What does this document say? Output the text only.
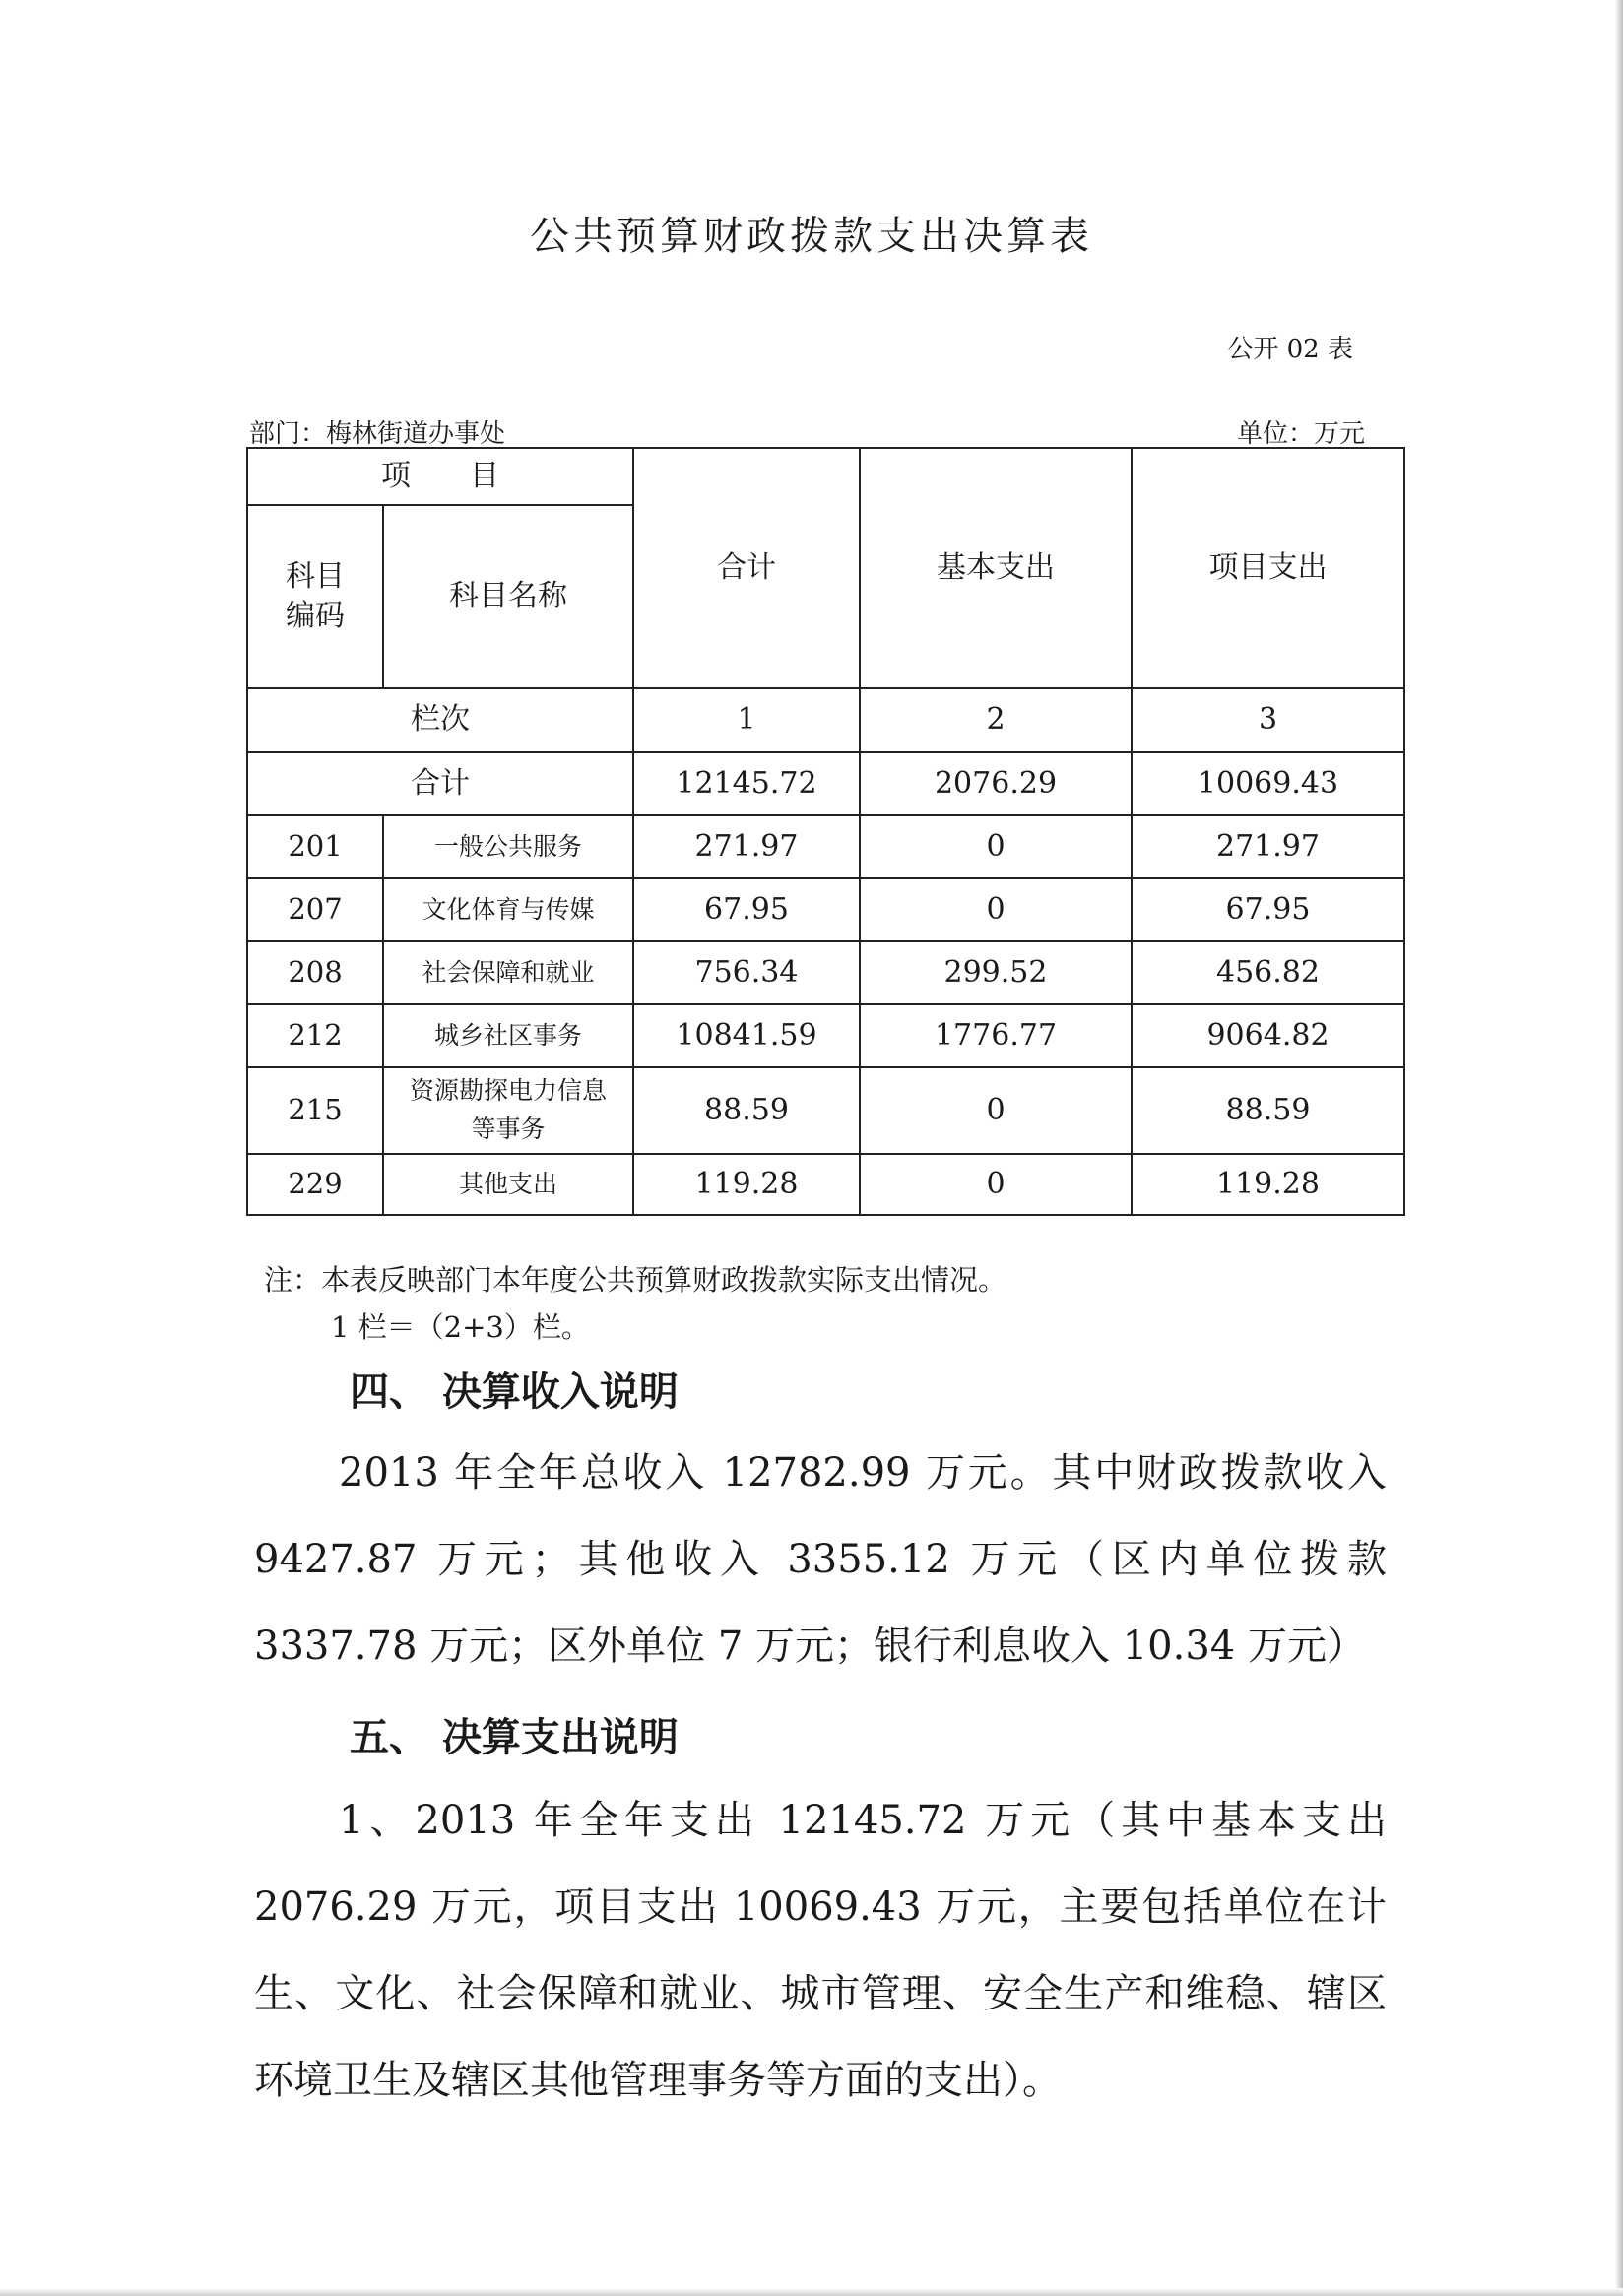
公共预算财政拨款支出决算表
公开 02 表
部门：梅林街道办事处	单位：万元
项　　目		合计	基本支出	项目支出
科目编码	科目名称			
栏次		1	2	3
合计		12145.72	2076.29	10069.43
201	一般公共服务	271.97	0	271.97
207	文化体育与传媒	67.95	0	67.95
208	社会保障和就业	756.34	299.52	456.82
212	城乡社区事务	10841.59	1776.77	9064.82
215	资源勘探电力信息等事务	88.59	0	88.59
229	其他支出	119.28	0	119.28
注：本表反映部门本年度公共预算财政拨款实际支出情况。
1 栏＝（2+3）栏。
四、 决算收入说明
2013 年全年总收入 12782.99 万元。其中财政拨款收入 9427.87 万元；其他收入 3355.12 万元（区内单位拨款 3337.78 万元；区外单位 7 万元；银行利息收入 10.34 万元）
五、 决算支出说明
1、2013 年全年支出 12145.72 万元（其中基本支出 2076.29 万元，项目支出 10069.43 万元，主要包括单位在计生、文化、社会保障和就业、城市管理、安全生产和维稳、辖区环境卫生及辖区其他管理事务等方面的支出）。
